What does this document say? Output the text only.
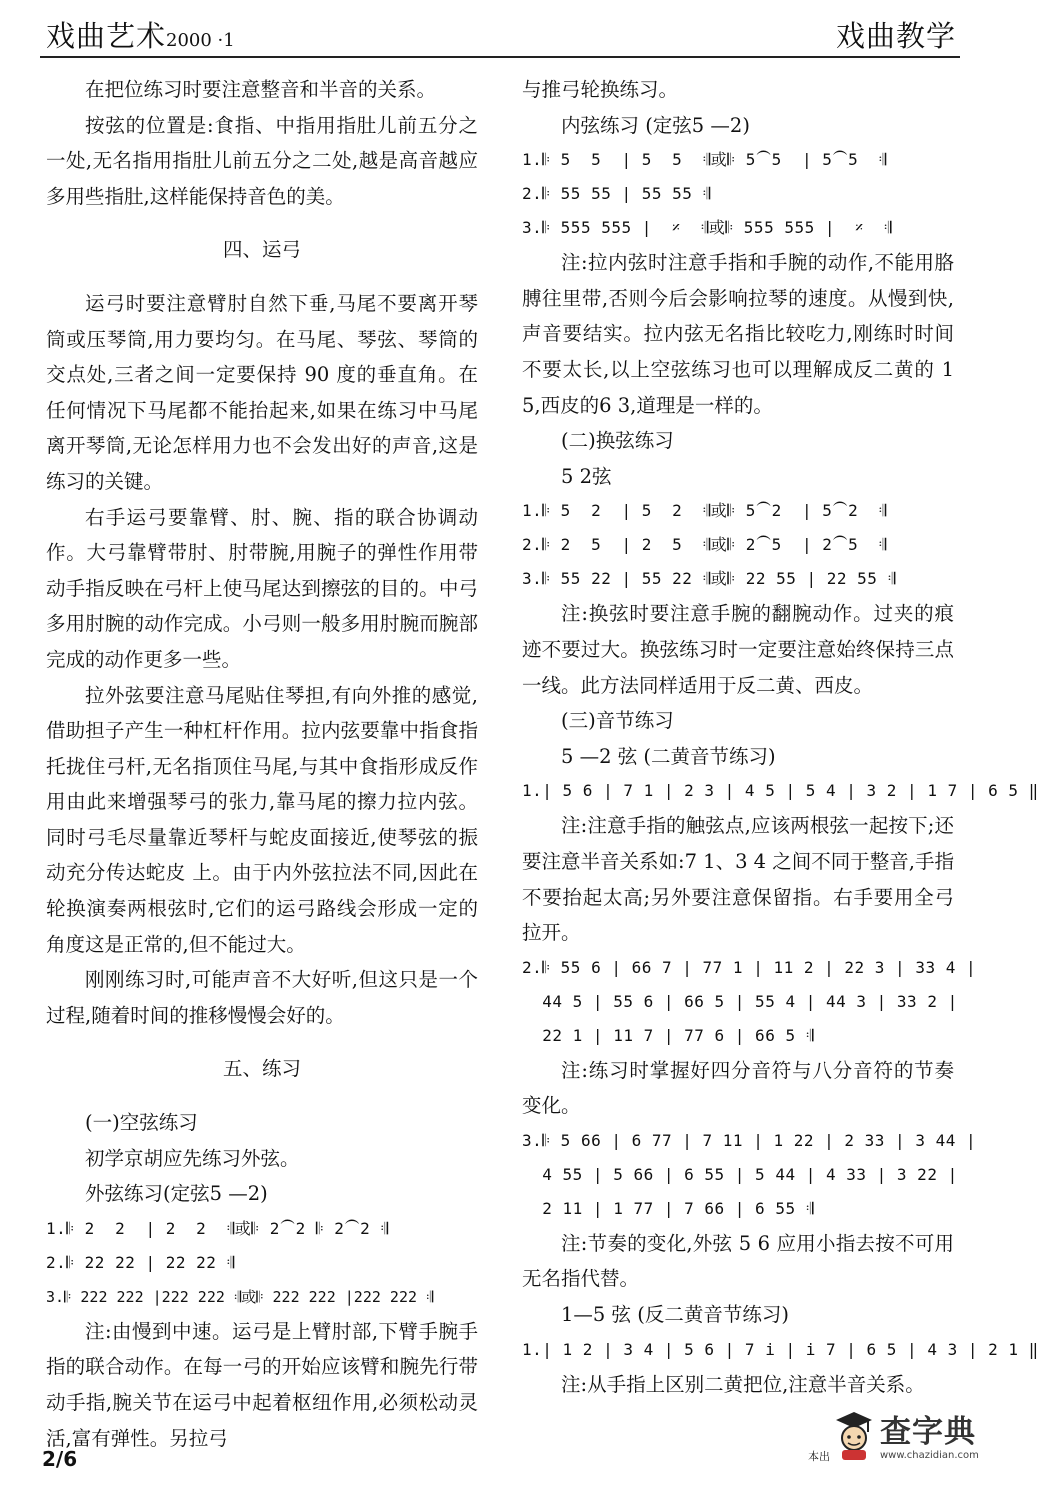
戏曲艺术2000 ·1	戏曲教学

在把位练习时要注意整音和半音的关系。

按弦的位置是:食指、中指用指肚儿前五分之一处,无名指用指肚儿前五分之二处,越是高音越应多用些指肚,这样能保持音色的美。

四、运弓

运弓时要注意臂肘自然下垂,马尾不要离开琴筒或压琴筒,用力要均匀。在马尾、琴弦、琴筒的交点处,三者之间一定要保持 90 度的垂直角。在任何情况下马尾都不能抬起来,如果在练习中马尾离开琴筒,无论怎样用力也不会发出好的声音,这是练习的关键。

右手运弓要靠臂、肘、腕、指的联合协调动作。大弓靠臂带肘、肘带腕,用腕子的弹性作用带动手指反映在弓杆上使马尾达到擦弦的目的。中弓多用肘腕的动作完成。小弓则一般多用肘腕而腕部 完成的动作更多一些。

拉外弦要注意马尾贴住琴担,有向外推的感觉,借助担子产生一种杠杆作用。拉内弦要靠中指食指托拢住弓杆,无名指顶住马尾,与其中食指形成反作用由此来增强琴弓的张力,靠马尾的擦力拉内弦。同时弓毛尽量靠近琴杆与蛇皮面接近,使琴弦的振动充分传达蛇皮 上。由于内外弦拉法不同,因此在轮换演奏两根弦时,它们的运弓路线会形成一定的角度这是正常的,但不能过大。

刚刚练习时,可能声音不大好听,但这只是一个过程,随着时间的推移慢慢会好的。

五、练习

(一)空弦练习

初学京胡应先练习外弦。

外弦练习(定弦5 —2)

1.𝄆 2  2  | 2  2  𝄇或𝄆 2⁀2 𝄆 2⁀2 𝄇

2.𝄆 22 22 | 22 22 𝄇

3.𝄆 222 222 |222 222 𝄇或𝄆 222 222 |222 222 𝄇

注:由慢到中速。运弓是上臂肘部,下臂手腕手指的联合动作。在每一弓的开始应该臂和腕先行带动手指,腕关节在运弓中起着枢纽作用,必须松动灵活,富有弹性。另拉弓

与推弓轮换练习。

内弦练习 (定弦5 —2)

1.𝄆 5  5  | 5  5  𝄇或𝄆 5⁀5  | 5⁀5  𝄇

2.𝄆 55 55 | 55 55 𝄇

3.𝄆 555 555 |  𝄎  𝄇或𝄆 555 555 |  𝄎  𝄇

注:拉内弦时注意手指和手腕的动作,不能用胳膊往里带,否则今后会影响拉琴的速度。从慢到快,声音要结实。拉内弦无名指比较吃力,刚练时时间不要太长,以上空弦练习也可以理解成反二黄的 1 5,西皮的6 3,道理是一样的。

(二)换弦练习

5 2弦

1.𝄆 5  2  | 5  2  𝄇或𝄆 5⁀2  | 5⁀2  𝄇

2.𝄆 2  5  | 2  5  𝄇或𝄆 2⁀5  | 2⁀5  𝄇

3.𝄆 55 22 | 55 22 𝄇或𝄆 22 55 | 22 55 𝄇

注:换弦时要注意手腕的翻腕动作。过夹的痕迹不要过大。换弦练习时一定要注意始终保持三点一线。此方法同样适用于反二黄、西皮。

(三)音节练习

5 —2 弦 (二黄音节练习)

1.| 5 6 | 7 1 | 2 3 | 4 5 | 5 4 | 3 2 | 1 7 | 6 5 ‖

注:注意手指的触弦点,应该两根弦一起按下;还要注意半音关系如:7 1、3 4 之间不同于整音,手指不要抬起太高;另外要注意保留指。右手要用全弓拉开。

2.𝄆 55 6 | 66 7 | 77 1 | 11 2 | 22 3 | 33 4 |

44 5 | 55 6 | 66 5 | 55 4 | 44 3 | 33 2 |

22 1 | 11 7 | 77 6 | 66 5 𝄇

注:练习时掌握好四分音符与八分音符的节奏变化。

3.𝄆 5 66 | 6 77 | 7 11 | 1 22 | 2 33 | 3 44 |

4 55 | 5 66 | 6 55 | 5 44 | 4 33 | 3 22 |

2 11 | 1 77 | 7 66 | 6 55 𝄇

注:节奏的变化,外弦 5 6 应用小指去按不可用无名指代替。

1—5 弦 (反二黄音节练习)

1.| 1 2 | 3 4 | 5 6 | 7 i | i 7 | 6 5 | 4 3 | 2 1 ‖

注:从手指上区别二黄把位,注意半音关系。

2/6	本出
查字典
www.chazidian.com
